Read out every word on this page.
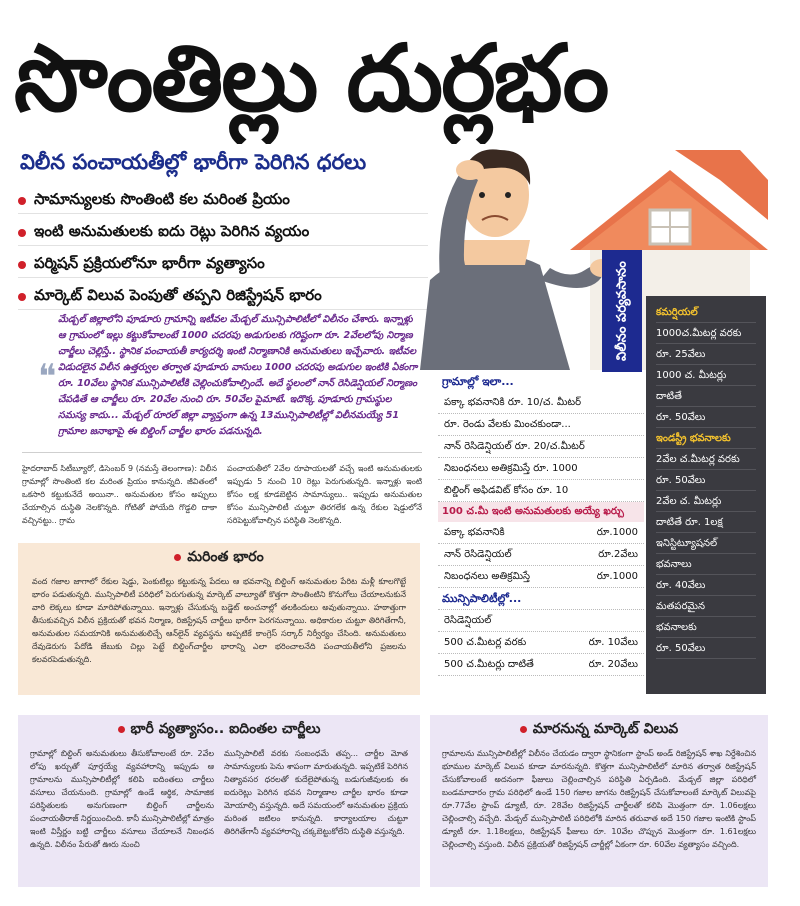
సొంతిల్లు దుర్లభం
విలీన పంచాయతీల్లో భారీగా పెరిగిన ధరలు
సామాన్యులకు సొంతింటి కల మరింత ప్రియం
ఇంటి అనుమతులకు ఐదు రెట్లు పెరిగిన వ్యయం
పర్మిషన్ ప్రక్రియలోనూ భారీగా వ్యత్యాసం
మార్కెట్ విలువ పెంపుతో తప్పని రిజిస్ట్రేషన్ భారం
❝
మేడ్చల్ జిల్లాలోని పూడూరు గ్రామాన్ని ఇటీవల మేడ్చల్ మున్సిపాలిటీలో విలీనం చేశారు. ఇన్నాళ్లు ఆ గ్రామంలో ఇల్లు కట్టుకోవాలంటే 1000 చదరపు అడుగులకు గరిష్టంగా రూ. 2వేలలోపు నిర్మాణ చార్జీలు చెల్లిస్తే.. స్థానిక పంచాయతీ కార్యదర్శి ఇంటి నిర్మాణానికి అనుమతులు ఇచ్చేవారు. ఇటీవల విడుదలైన విలీన ఉత్తర్వుల తర్వాత పూడూరు వాసులు 1000 చదరపు అడుగుల ఇంటికి ఏకంగా రూ. 10వేలు స్థానిక మున్సిపాలిటీకి చెల్లించుకోవాల్సిందే. అదే స్థలంలో నాన్ రెసిడెన్షియల్ నిర్మాణం చేపడితే ఆ చార్జీలు రూ. 20వేల నుంచి రూ. 50వేల పైమాటే. ఇదొక్క పూడూరు గ్రామస్థుల సమస్య కాదు... మేడ్చల్ రూరల్ జిల్లా వ్యాప్తంగా ఉన్న 13మున్సిపాలిటీల్లో విలీనమయ్యే 51 గ్రామాల జనాభాపై ఈ బిల్డింగ్ చార్జీల భారం పడనున్నది.
హైదరాబాద్ సిటీబ్యూరో, డిసెంబర్ 9 (నమస్తే తెలంగాణ): విలీన గ్రామాల్లో సొంతింటి కల మరింత ప్రియం కానున్నది. జీవితంలో ఒకసారి కట్టుకునేదే అయినా.. అనుమతుల కోసం అప్పులు చేయాల్సిన దుస్థితి నెలకొన్నది. గోటితో పోయేది గొడ్డలి దాకా వచ్చినట్టు.. గ్రామ
పంచాయతీలో 2వేల రూపాయలతో వచ్చే ఇంటి అనుమతులకు ఇప్పుడు 5 నుంచి 10 రెట్లు పెరుగుతున్నది. ఇన్నాళ్లు ఇంటి కోసం లక్ష కూడబెట్టిన సామాన్యులు.. ఇప్పుడు అనుమతుల కోసం మున్సిపాలిటీ చుట్టూ తిరగలేక ఉన్న రేకుల షెడ్డులోనే సరిపెట్టుకోవాల్సిన పరిస్థితి నెలకొన్నది.
మరింత భారం
వంద గజాల జాగాలో రేకుల షెడ్డు, పెంకుటిల్లు కట్టుకున్న పేదలు ఆ భవనాన్ని బిల్డింగ్ అనుమతుల పేరిట మళ్లీ కూలగొట్టే భారం పడుతున్నది. మున్సిపాలిటీ పరిధిలో పెరుగుతున్న మార్కెట్ వాల్యూతో కొత్తగా సొంతింటిని కొనుగోలు చేయాలనుకునే వారి లెక్కలు కూడా మారిపోతున్నాయి. ఇన్నాళ్లు చేసుకున్న బడ్జెట్ అంచనాల్లో తలకిందులు అవుతున్నాయి. హఠాత్తుగా తీసుకువచ్చిన విలీన ప్రక్రియతో భవన నిర్మాణ, రిజిస్ట్రేషన్ చార్జీలు భారీగా పెరగనున్నాయి. అధికారుల చుట్టూ తిరిగితేగానీ, అనుమతుల సమయానికి అనుమతులిచ్చే ఆన్‌లైన్ వ్యవస్థను అప్పటికే కాంగ్రెస్ సర్కార్ నిర్వీర్యం చేసింది. అనుమతులు దేవుడెరుగు పేదోడి జేబుకు చిల్లు పెట్టే బిల్డింగ్‌చార్జీల భారాన్ని ఎలా భరించాలనేది పంచాయతీలోని ప్రజలను కలవరపెడుతున్నది.
విలీనం పర్యవసానం
గ్రామాల్లో ఇలా...
పక్కా భవనానికి రూ. 10/చ. మీటర్
రూ. రెండు వేలకు మించకుండా...
నాన్ రెసిడెన్షియల్ రూ. 20/చ.మీటర్
నిబంధనలు అతిక్రమిస్తే రూ. 1000
బిల్డింగ్ అఫిడవిట్ కోసం రూ. 10
100 చ.మీ ఇంటి అనుమతులకు అయ్యే ఖర్చు
పక్కా భవనానికి	రూ.1000
నాన్ రెసిడెన్షియల్	రూ.2వేలు
నిబంధనలు అతిక్రమిస్తే	రూ.1000
మున్సిపాలిటీల్లో...
రెసిడెన్షియల్
500 చ.మీటర్ల వరకు	రూ. 10వేలు
500 చ.మీటర్లు దాటితే	రూ. 20వేలు
కమర్షియల్
1000చ.మీటర్ల వరకు
రూ. 25వేలు
1000 చ. మీటర్లు
దాటితే
రూ. 50వేలు
ఇండస్ట్రీ భవనాలకు
2వేల చ.మీటర్ల వరకు
రూ. 50వేలు
2వేల చ. మీటర్లు
దాటితే రూ. 1లక్ష
ఇనిస్టిట్యూషనల్
భవనాలు
రూ. 40వేలు
మతపరమైన
భవనాలకు
రూ. 50వేలు
భారీ వ్యత్యాసం.. ఐదింతల చార్జీలు
గ్రామాల్లో బిల్డింగ్ అనుమతులు తీసుకోవాలంటే రూ. 2వేల లోపు ఖర్చుతో పూర్తయ్యే వ్యవహారాన్ని ఇప్పుడు ఆ గ్రామాలను మున్సిపాలిటీల్లో కలిపి ఐదింతలు చార్జీలు వసూలు చేయనుంది. గ్రామాల్లో ఉండే ఆర్థిక, సామాజిక పరిస్థితులకు అనుగుణంగా బిల్డింగ్ చార్జీలను పంచాయతీరాజ్ నిర్ణయించింది. కానీ మున్సిపాలిటీల్లో మాత్రం ఇంటి విస్తీర్ణం బట్టి చార్జీలు వసూలు చేయాలనే నిబంధన ఉన్నది. విలీనం పేరుతో ఊరు నుంచి
మున్సిపాలిటీ వరకు సంబంధమే తప్ప... చార్జీల మోత సామాన్యులకు పెను శాపంగా మారుతున్నది. ఇప్పటికే పెరిగిన నిత్యావసర ధరలతో కుదేలైపోతున్న బడుగుజీవులకు ఈ ఐదురెట్లు పెరిగిన భవన నిర్మాణాల చార్జీల భారం కూడా మోయాల్సి వస్తున్నది. అదే సమయంలో అనుమతుల ప్రక్రియ మరింత జటిలం కానున్నది. కార్యాలయాల చుట్టూ తిరిగితేగానీ వ్యవహారాన్ని చక్కబెట్టుకోలేని దుస్థితి వస్తున్నది.
మారనున్న మార్కెట్ విలువ
గ్రామాలను మున్సిపాలిటీల్లో విలీనం చేయడం ద్వారా స్థానికంగా స్టాంప్ అండ్ రిజిస్ట్రేషన్ శాఖ నిర్దేశించిన భూముల మార్కెట్ విలువ కూడా మారనున్నది. కొత్తగా మున్సిపాలిటీలో మారిన తర్వాత రిజిస్ట్రేషన్ చేసుకోవాలంటే అదనంగా ఫీజులు చెల్లించాల్సిన పరిస్థితి ఏర్పడింది. మేడ్చల్ జిల్లా పరిధిలో బండమాదారం గ్రామ పరిధిలో ఉండే 150 గజాల జాగను రిజిస్ట్రేషన్ చేసుకోవాలంటే మార్కెట్ విలువపై రూ.77వేల స్టాంప్ డ్యూటీ, రూ. 28వేల రిజిస్ట్రేషన్ చార్జీలతో కలిపి మొత్తంగా రూ. 1.06లక్షలు చెల్లించాల్సి వచ్చేది. మేడ్చల్ మున్సిపాలిటీ పరిధిలోకి మారిన తరువాత అదే 150 గజాల ఇంటికి స్టాంప్ డ్యూటీ రూ. 1.18లక్షలు, రిజిస్ట్రేషన్ ఫీజులు రూ. 10వేల చొప్పున మొత్తంగా రూ. 1.61లక్షలు చెల్లించాల్సి వస్తుంది. విలీన ప్రక్రియతో రిజిస్ట్రేషన్ చార్జీల్లో ఏకంగా రూ. 60వేల వ్యత్యాసం వచ్చింది.
